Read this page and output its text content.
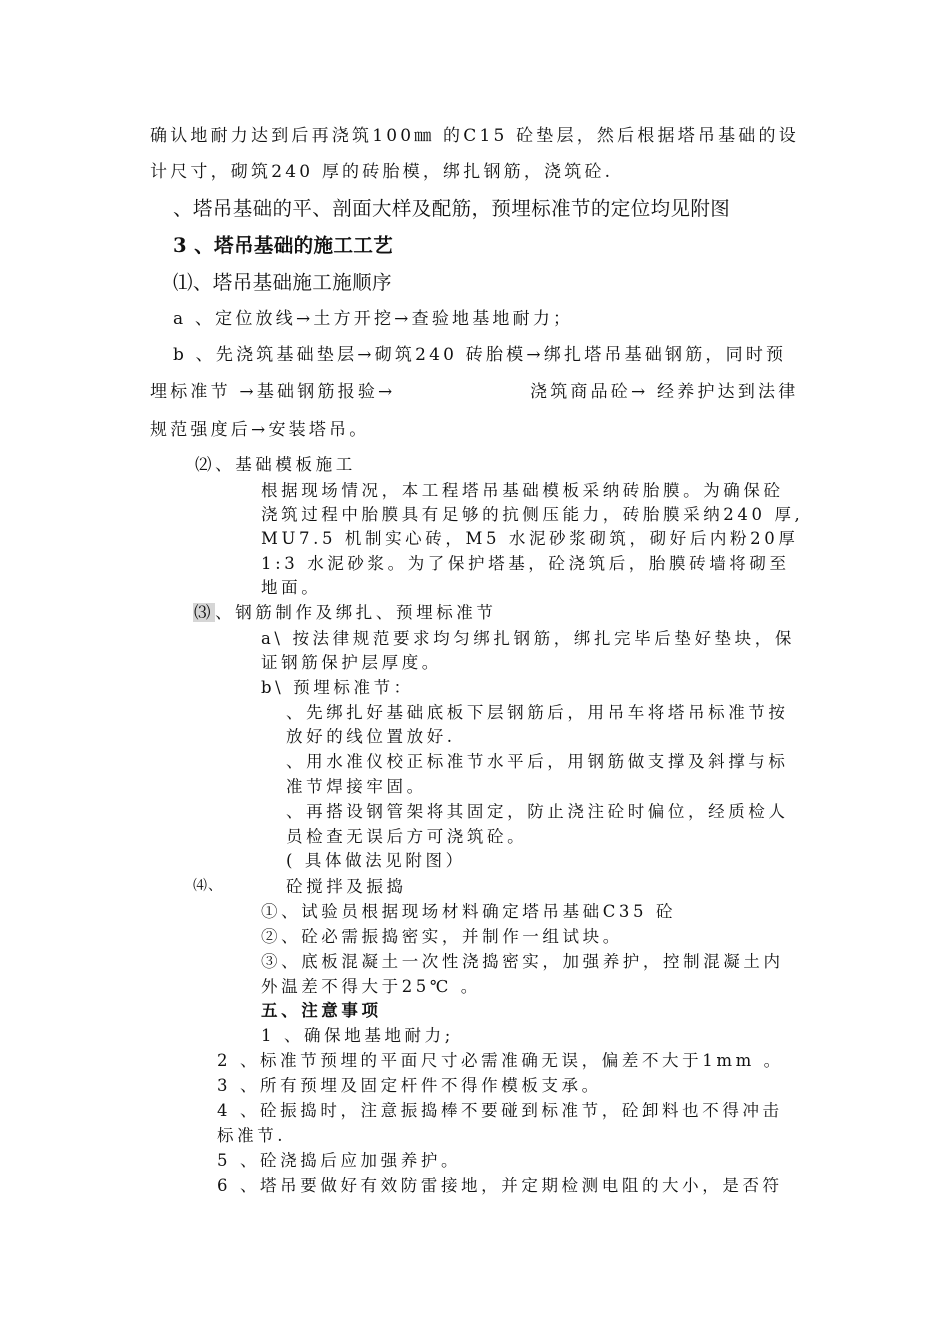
确认地耐力达到后再浇筑100㎜ 的C15 砼垫层，然后根据塔吊基础的设
计尺寸，砌筑240 厚的砖胎模，绑扎钢筋，浇筑砼.
、塔吊基础的平、剖面大样及配筋，预埋标准节的定位均见附图
3 、塔吊基础的施工工艺
⑴、塔吊基础施工施顺序
a 、定位放线→土方开挖→查验地基地耐力；
b 、先浇筑基础垫层→砌筑240 砖胎模→绑扎塔吊基础钢筋，同时预
埋标准节 →基础钢筋报验→	浇筑商品砼→ 经养护达到法律
规范强度后→安装塔吊。
⑵、基础模板施工
根据现场情况，本工程塔吊基础模板采纳砖胎膜。为确保砼
浇筑过程中胎膜具有足够的抗侧压能力，砖胎膜采纳240 厚,
MU7.5 机制实心砖，M5 水泥砂浆砌筑，砌好后内粉20厚
1:3 水泥砂浆。为了保护塔基，砼浇筑后，胎膜砖墙将砌至
地面。
⑶、钢筋制作及绑扎、预埋标准节
a\ 按法律规范要求均匀绑扎钢筋，绑扎完毕后垫好垫块，保
证钢筋保护层厚度。
b\ 预埋标准节：
、先绑扎好基础底板下层钢筋后，用吊车将塔吊标准节按
放好的线位置放好.
、用水准仪校正标准节水平后，用钢筋做支撑及斜撑与标
准节焊接牢固。
、再搭设钢管架将其固定，防止浇注砼时偏位，经质检人
员检查无误后方可浇筑砼。
( 具体做法见附图）
⑷、	砼搅拌及振捣
①、试验员根据现场材料确定塔吊基础C35 砼
②、砼必需振捣密实，并制作一组试块。
③、底板混凝土一次性浇捣密实，加强养护，控制混凝土内
外温差不得大于25℃ 。
五、注意事项
1 、确保地基地耐力;
2 、标准节预埋的平面尺寸必需准确无误，偏差不大于1mm 。
3 、所有预埋及固定杆件不得作模板支承。
4 、砼振捣时，注意振捣棒不要碰到标准节，砼卸料也不得冲击
标准节.
5 、砼浇捣后应加强养护。
6 、塔吊要做好有效防雷接地，并定期检测电阻的大小，是否符
